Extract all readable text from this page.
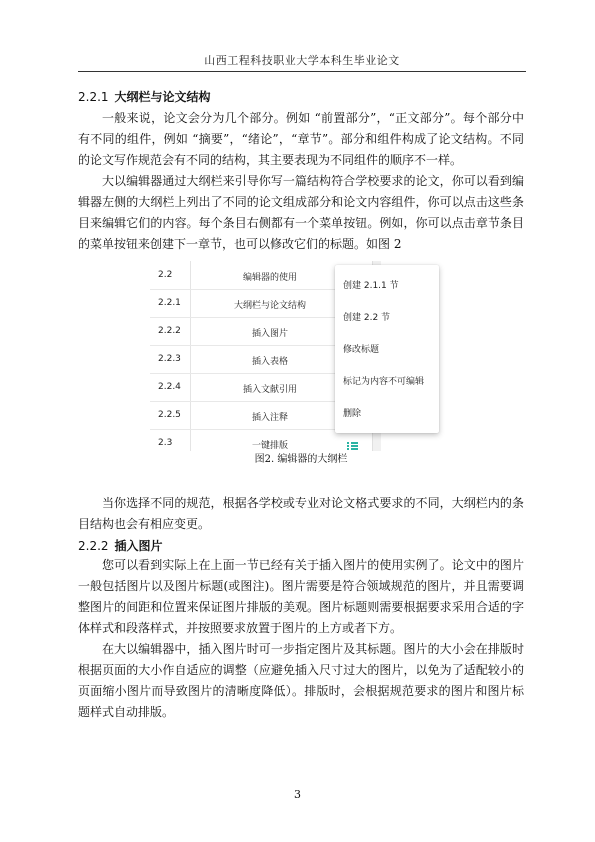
山西工程科技职业大学本科生毕业论文
2.2.1 大纲栏与论文结构

一般来说，论文会分为几个部分。例如 “前置部分”，“正文部分”。每个部分中有不同的组件，例如 “摘要”，“绪论”，“章节”。部分和组件构成了论文结构。不同的论文写作规范会有不同的结构，其主要表现为不同组件的顺序不一样。

大以编辑器通过大纲栏来引导你写一篇结构符合学校要求的论文，你可以看到编辑器左侧的大纲栏上列出了不同的论文组成部分和论文内容组件，你可以点击这些条目来编辑它们的内容。每个条目右侧都有一个菜单按钮。例如，你可以点击章节条目的菜单按钮来创建下一章节，也可以修改它们的标题。如图 2

2.2	编辑器的使用
2.2.1	大纲栏与论文结构
2.2.2	插入图片
2.2.3	插入表格
2.2.4	插入文献引用
2.2.5	插入注释
2.3	一键排版
创建 2.1.1 节
创建 2.2 节
修改标题
标记为内容不可编辑
删除
图2. 编辑器的大纲栏

当你选择不同的规范，根据各学校或专业对论文格式要求的不同，大纲栏内的条目结构也会有相应变更。

2.2.2 插入图片

您可以看到实际上在上面一节已经有关于插入图片的使用实例了。论文中的图片一般包括图片以及图片标题(或图注)。图片需要是符合领域规范的图片，并且需要调整图片的间距和位置来保证图片排版的美观。图片标题则需要根据要求采用合适的字体样式和段落样式，并按照要求放置于图片的上方或者下方。

在大以编辑器中，插入图片时可一步指定图片及其标题。图片的大小会在排版时根据页面的大小作自适应的调整（应避免插入尺寸过大的图片，以免为了适配较小的页面缩小图片而导致图片的清晰度降低）。排版时，会根据规范要求的图片和图片标题样式自动排版。

3
